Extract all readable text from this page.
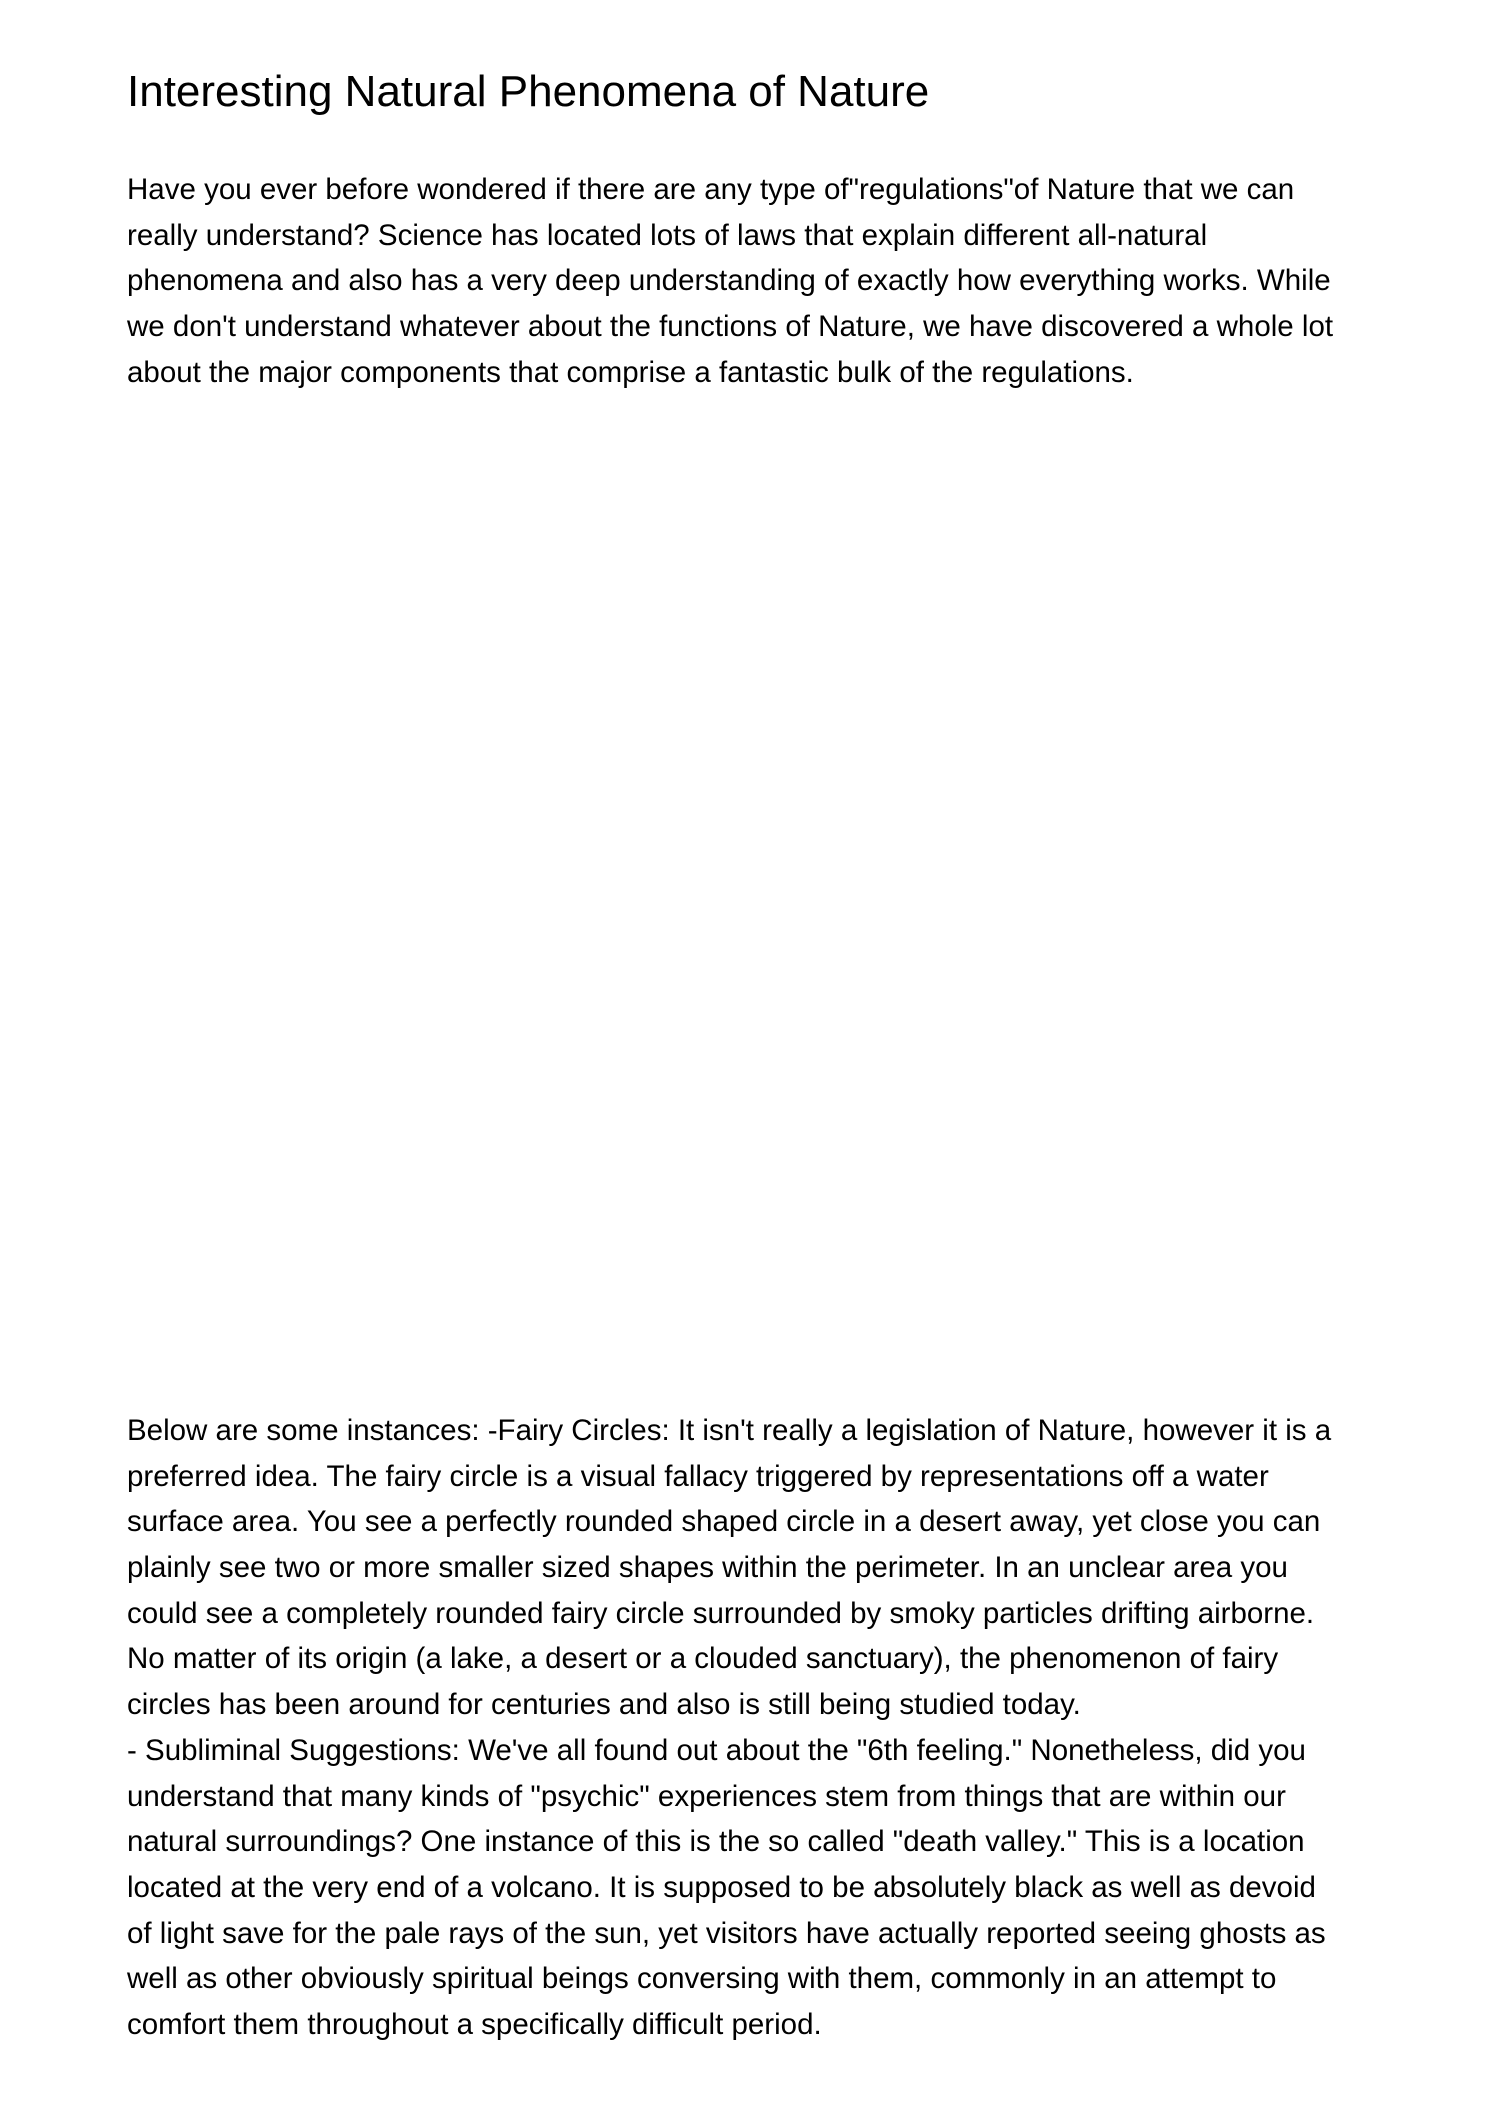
Interesting Natural Phenomena of Nature
Have you ever before wondered if there are any type of"regulations"of Nature that we can
really understand? Science has located lots of laws that explain different all-natural
phenomena and also has a very deep understanding of exactly how everything works. While
we don't understand whatever about the functions of Nature, we have discovered a whole lot
about the major components that comprise a fantastic bulk of the regulations.
Below are some instances: -Fairy Circles: It isn't really a legislation of Nature, however it is a
preferred idea. The fairy circle is a visual fallacy triggered by representations off a water
surface area. You see a perfectly rounded shaped circle in a desert away, yet close you can
plainly see two or more smaller sized shapes within the perimeter. In an unclear area you
could see a completely rounded fairy circle surrounded by smoky particles drifting airborne.
No matter of its origin (a lake, a desert or a clouded sanctuary), the phenomenon of fairy
circles has been around for centuries and also is still being studied today.
- Subliminal Suggestions: We've all found out about the "6th feeling." Nonetheless, did you
understand that many kinds of "psychic" experiences stem from things that are within our
natural surroundings? One instance of this is the so called "death valley." This is a location
located at the very end of a volcano. It is supposed to be absolutely black as well as devoid
of light save for the pale rays of the sun, yet visitors have actually reported seeing ghosts as
well as other obviously spiritual beings conversing with them, commonly in an attempt to
comfort them throughout a specifically difficult period.
